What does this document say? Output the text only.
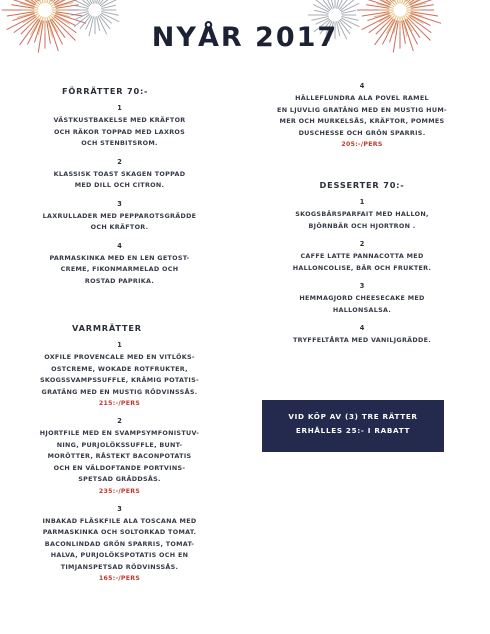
NYÅR 2017
FÖRRÄTTER 70:-
1
VÄSTKUSTBAKELSE MED KRÄFTOR
OCH RÄKOR TOPPAD MED LAXROS
OCH STENBITSROM.
2
KLASSISK TOAST SKAGEN TOPPAD
MED DILL OCH CITRON.
3
LAXRULLADER MED PEPPAROTSGRÄDDE
OCH KRÄFTOR.
4
PARMASKINKA MED EN LEN GETOST-
CREME, FIKONMARMELAD OCH
ROSTAD PAPRIKA.
VARMRÄTTER
1
OXFILE PROVENCALE MED EN VITLÖKS-
OSTCREME, WOKADE ROTFRUKTER,
SKOGSSVAMPSSUFFLE, KRÄMIG POTATIS-
GRATÄNG MED EN MUSTIG RÖDVINSSÅS.
215:-/PERS
2
HJORTFILE MED EN SVAMPSYMFONISTUV-
NING, PURJOLÖKSSUFFLE, BUNT-
MORÖTTER, RÅSTEKT BACONPOTATIS
OCH EN VÄLDOFTANDE PORTVINS-
SPETSAD GRÄDDSÅS.
235:-/PERS
3
INBAKAD FLÄSKFILE ALA TOSCANA MED
PARMASKINKA OCH SOLTORKAD TOMAT.
BACONLINDAD GRÖN SPARRIS, TOMAT-
HALVA, PURJOLÖKSPOTATIS OCH EN
TIMJANSPETSAD RÖDVINSSÅS.
165:-/PERS
4
HÄLLEFLUNDRA ALA POVEL RAMEL
EN LJUVLIG GRATÄNG MED EN MUSTIG HUM-
MER OCH MURKELSÅS, KRÄFTOR, POMMES
DUSCHESSE OCH GRÖN SPARRIS.
205:-/PERS
DESSERTER 70:-
1
SKOGSBÄRSPARFAIT MED HALLON,
BJÖRNBÄR OCH HJORTRON .
2
CAFFE LATTE PANNACOTTA MED
HALLONCOLISE, BÄR OCH FRUKTER.
3
HEMMAGJORD CHEESECAKE MED
HALLONSALSA.
4
TRYFFELTÅRTA MED VANILJGRÄDDE.
VID KÖP AV (3) TRE RÄTTER
ERHÅLLES 25:- I RABATT
